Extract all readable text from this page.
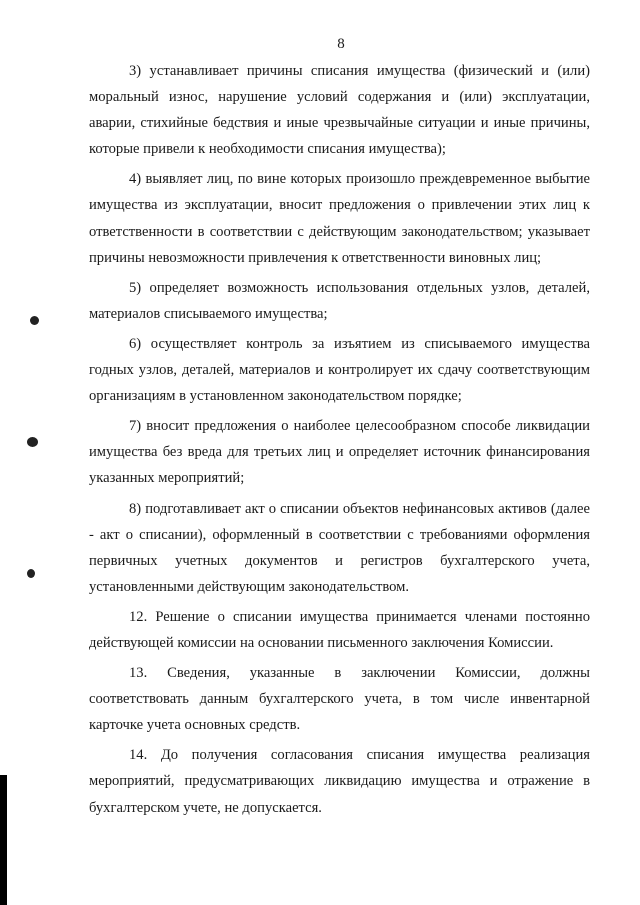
8

3) устанавливает причины списания имущества (физический и (или) моральный износ, нарушение условий содержания и (или) эксплуатации, аварии, стихийные бедствия и иные чрезвычайные ситуации и иные причины, которые привели к необходимости списания имущества);

4) выявляет лиц, по вине которых произошло преждевременное выбытие имущества из эксплуатации, вносит предложения о привлечении этих лиц к ответственности в соответствии с действующим законодательством; указывает причины невозможности привлечения к ответственности виновных лиц;

5) определяет возможность использования отдельных узлов, деталей, материалов списываемого имущества;

6) осуществляет контроль за изъятием из списываемого имущества годных узлов, деталей, материалов и контролирует их сдачу соответствующим организациям в установленном законодательством порядке;

7) вносит предложения о наиболее целесообразном способе ликвидации имущества без вреда для третьих лиц и определяет источник финансирования указанных мероприятий;

8) подготавливает акт о списании объектов нефинансовых активов (далее - акт о списании), оформленный в соответствии с требованиями оформления первичных учетных документов и регистров бухгалтерского учета, установленными действующим законодательством.

12. Решение о списании имущества принимается членами постоянно действующей комиссии на основании письменного заключения Комиссии.

13. Сведения, указанные в заключении Комиссии, должны соответствовать данным бухгалтерского учета, в том числе инвентарной карточке учета основных средств.

14. До получения согласования списания имущества реализация мероприятий, предусматривающих ликвидацию имущества и отражение в бухгалтерском учете, не допускается.
